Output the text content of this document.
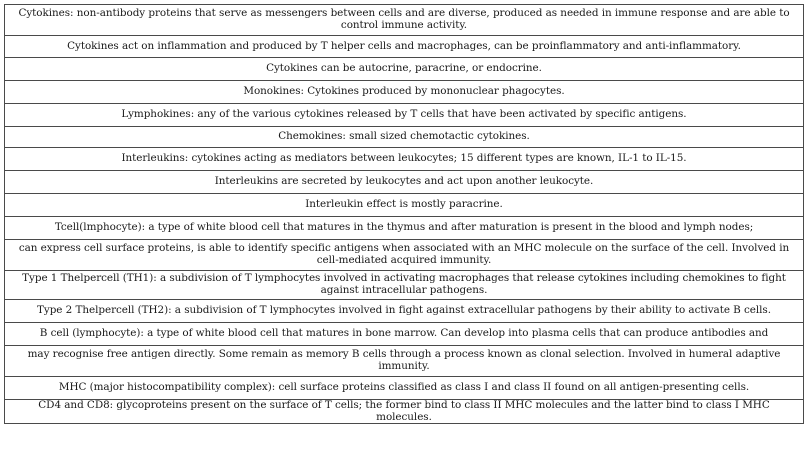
Cytokines: non-antibody proteins that serve as messengers between cells and are diverse, produced as needed in immune response and are able to control immune activity.
Cytokines act on inflammation and produced by T helper cells and macrophages, can be proinflammatory and anti-inflammatory.
Cytokines can be autocrine, paracrine, or endocrine.
Monokines: Cytokines produced by mononuclear phagocytes.
Lymphokines: any of the various cytokines released by T cells that have been activated by specific antigens.
Chemokines: small sized chemotactic cytokines.
Interleukins: cytokines acting as mediators between leukocytes; 15 different types are known, IL-1 to IL-15.
Interleukins are secreted by leukocytes and act upon another leukocyte.
Interleukin effect is mostly paracrine.
Tcell(lmphocyte): a type of white blood cell that matures in the thymus and after maturation is present in the blood and lymph nodes;
can express cell surface proteins, is able to identify specific antigens when associated with an MHC molecule on the surface of the cell. Involved in cell-mediated acquired immunity.
Type 1 Thelpercell (TH1): a subdivision of T lymphocytes involved in activating macrophages that release cytokines including chemokines to fight against intracellular pathogens.
Type 2 Thelpercell (TH2): a subdivision of T lymphocytes involved in fight against extracellular pathogens by their ability to activate B cells.
B cell (lymphocyte): a type of white blood cell that matures in bone marrow. Can develop into plasma cells that can produce antibodies and
may recognise free antigen directly. Some remain as memory B cells through a process known as clonal selection. Involved in humeral adaptive immunity.
MHC (major histocompatibility complex): cell surface proteins classified as class I and class II found on all antigen-presenting cells.
CD4 and CD8: glycoproteins present on the surface of T cells; the former bind to class II MHC molecules and the latter bind to class I MHC molecules.
